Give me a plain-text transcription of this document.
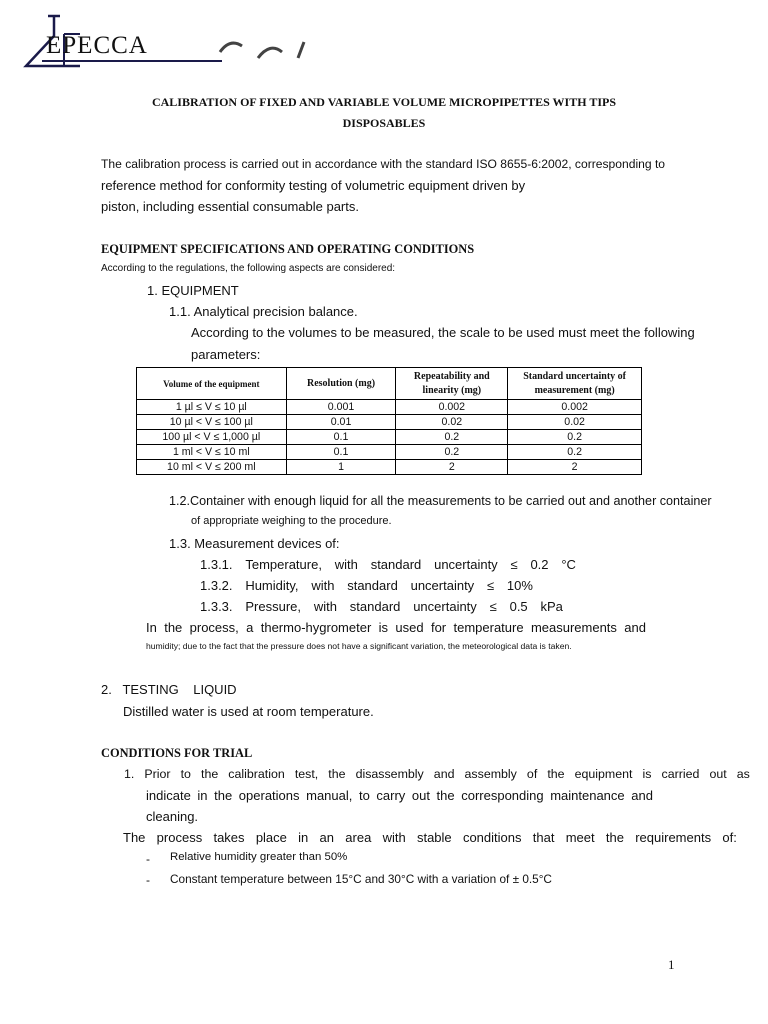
EPECCA
CALIBRATION OF FIXED AND VARIABLE VOLUME MICROPIPETTES WITH TIPS
DISPOSABLES
The calibration process is carried out in accordance with the standard ISO 8655-6:2002, corresponding to
reference method for conformity testing of volumetric equipment driven by
piston, including essential consumable parts.
EQUIPMENT SPECIFICATIONS AND OPERATING CONDITIONS
According to the regulations, the following aspects are considered:
1. EQUIPMENT
1.1. Analytical precision balance.
According to the volumes to be measured, the scale to be used must meet the following
parameters:
Volume of the equipment	Resolution (mg)	Repeatability and linearity (mg)	Standard uncertainty of measurement (mg)
1 µl ≤ V ≤ 10 µl	0.001	0.002	0.002
10 µl < V ≤ 100 µl	0.01	0.02	0.02
100 µl < V ≤ 1,000 µl	0.1	0.2	0.2
1 ml < V ≤ 10 ml	0.1	0.2	0.2
10 ml < V ≤ 200 ml	1	2	2
1.2.Container with enough liquid for all the measurements to be carried out and another container
of appropriate weighing to the procedure.
1.3. Measurement devices of:
1.3.1. Temperature, with standard uncertainty ≤ 0.2 °C
1.3.2. Humidity, with standard uncertainty ≤ 10%
1.3.3. Pressure, with standard uncertainty ≤ 0.5 kPa
In the process, a thermo-hygrometer is used for temperature measurements and
humidity; due to the fact that the pressure does not have a significant variation, the meteorological data is taken.
2.   TESTING    LIQUID
Distilled water is used at room temperature.
CONDITIONS FOR TRIAL
1. Prior to the calibration test, the disassembly and assembly of the equipment is carried out as
indicate in the operations manual, to carry out the corresponding maintenance and
cleaning.
The process takes place in an area with stable conditions that meet the requirements of:
- Relative humidity greater than 50%
- Constant temperature between 15°C and 30°C with a variation of ± 0.5°C
1
